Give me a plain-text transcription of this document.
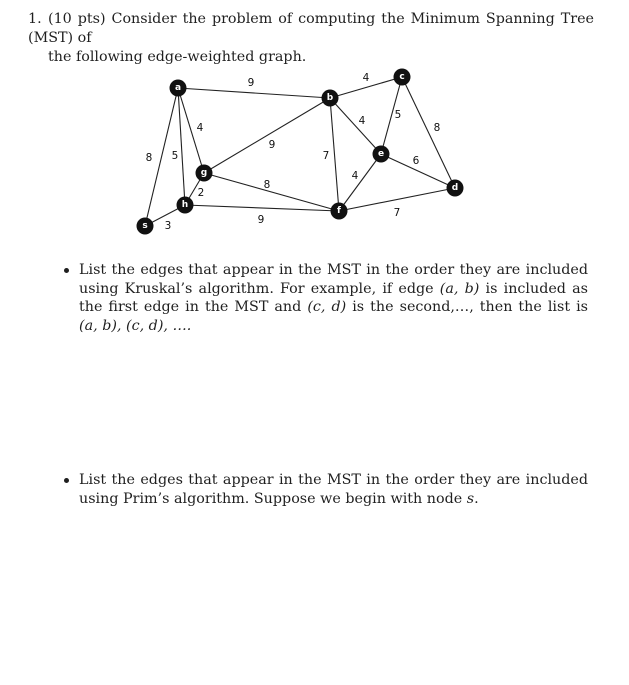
1. (10 pts) Consider the problem of computing the Minimum Spanning Tree (MST) of
the following edge-weighted graph.
9	4
8 5
4
3
2
9
8
9
7
4	5
8
6
4
7
a
b
c
d
e
f
g
h
s
List the edges that appear in the MST in the order they are included using Kruskal’s algorithm. For example, if edge (a, b) is included as the first edge in the MST and (c, d) is the second,…, then the list is (a, b), (c, d), ….
List the edges that appear in the MST in the order they are included using Prim’s algorithm. Suppose we begin with node s.
